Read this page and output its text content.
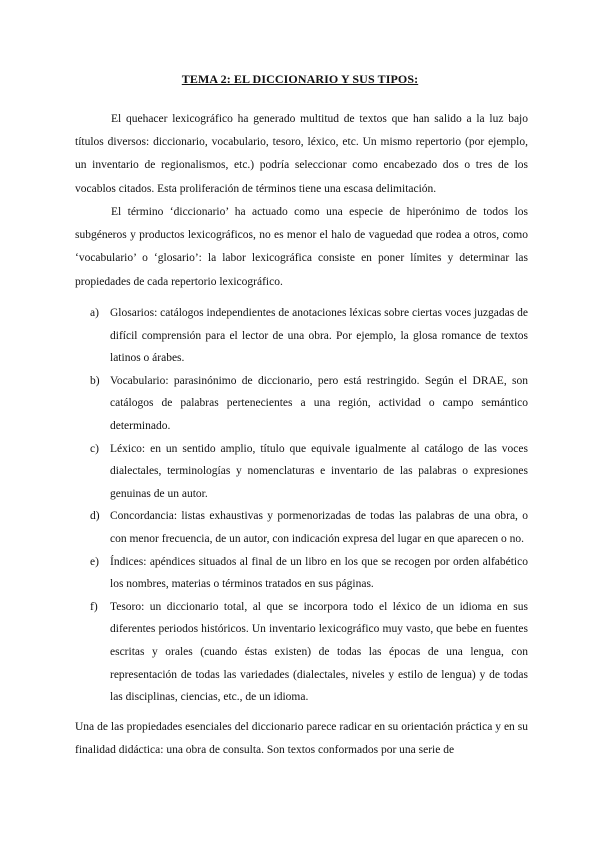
TEMA 2: EL DICCIONARIO Y SUS TIPOS:
El quehacer lexicográfico ha generado multitud de textos que han salido a la luz bajo títulos diversos: diccionario, vocabulario, tesoro, léxico, etc. Un mismo repertorio (por ejemplo, un inventario de regionalismos, etc.) podría seleccionar como encabezado dos o tres de los vocablos citados. Esta proliferación de términos tiene una escasa delimitación.
El término ‘diccionario’ ha actuado como una especie de hiperónimo de todos los subgéneros y productos lexicográficos, no es menor el halo de vaguedad que rodea a otros, como ‘vocabulario’ o ‘glosario’: la labor lexicográfica consiste en poner límites y determinar las propiedades de cada repertorio lexicográfico.
a) Glosarios: catálogos independientes de anotaciones léxicas sobre ciertas voces juzgadas de difícil comprensión para el lector de una obra. Por ejemplo, la glosa romance de textos latinos o árabes.
b) Vocabulario: parasinónimo de diccionario, pero está restringido. Según el DRAE, son catálogos de palabras pertenecientes a una región, actividad o campo semántico determinado.
c) Léxico: en un sentido amplio, título que equivale igualmente al catálogo de las voces dialectales, terminologías y nomenclaturas e inventario de las palabras o expresiones genuinas de un autor.
d) Concordancia: listas exhaustivas y pormenorizadas de todas las palabras de una obra, o con menor frecuencia, de un autor, con indicación expresa del lugar en que aparecen o no.
e) Índices: apéndices situados al final de un libro en los que se recogen por orden alfabético los nombres, materias o términos tratados en sus páginas.
f) Tesoro: un diccionario total, al que se incorpora todo el léxico de un idioma en sus diferentes periodos históricos. Un inventario lexicográfico muy vasto, que bebe en fuentes escritas y orales (cuando éstas existen) de todas las épocas de una lengua, con representación de todas las variedades (dialectales, niveles y estilo de lengua) y de todas las disciplinas, ciencias, etc., de un idioma.
Una de las propiedades esenciales del diccionario parece radicar en su orientación práctica y en su finalidad didáctica: una obra de consulta. Son textos conformados por una serie de
